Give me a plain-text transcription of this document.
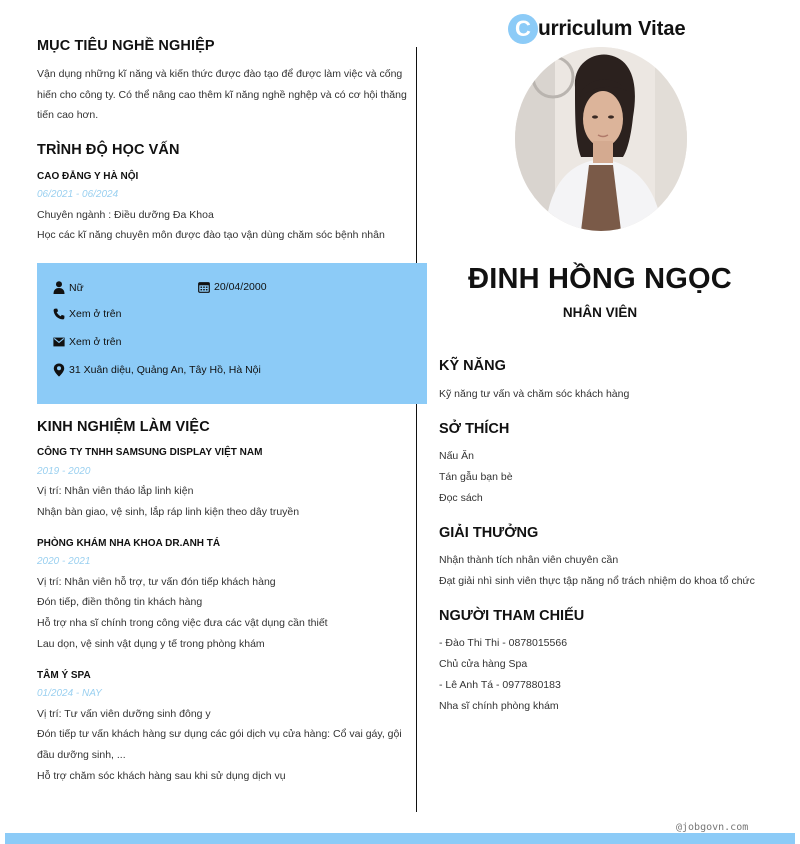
MỤC TIÊU NGHỀ NGHIỆP
Vận dụng những kĩ năng và kiến thức được đào tạo để được làm việc và cống
hiến cho công ty. Có thể nâng cao thêm kĩ năng nghề nghệp và có cơ hội thăng
tiến cao hơn.
TRÌNH ĐỘ HỌC VẤN
CAO ĐẲNG Y HÀ NỘI
06/2021 - 06/2024
Chuyên ngành : Điều dưỡng Đa Khoa
Học các kĩ năng chuyên môn được đào tạo vận dùng chăm sóc bệnh nhân
Nữ	20/04/2000
Xem ở trên
Xem ở trên
31 Xuân diệu, Quảng An, Tây Hồ, Hà Nội
KINH NGHIỆM LÀM VIỆC
CÔNG TY TNHH SAMSUNG DISPLAY VIỆT NAM
2019 - 2020
Vị trí: Nhân viên tháo lắp linh kiện
Nhận bàn giao, vệ sinh, lắp ráp linh kiện theo dây truyền
PHÒNG KHÁM NHA KHOA DR.ANH TÁ
2020 - 2021
Vị trí: Nhân viên hỗ trợ, tư vấn đón tiếp khách hàng
Đón tiếp, điền thông tin khách hàng
Hỗ trợ nha sĩ chính trong công việc đưa các vật dụng cần thiết
Lau dọn, vệ sinh vật dụng y tế trong phòng khám
TÂM Ý SPA
01/2024 - NAY
Vị trí: Tư vấn viên dưỡng sinh đông y
Đón tiếp tư vấn khách hàng sư dụng các gói dịch vụ cửa hàng: Cổ vai gáy, gội
đầu dưỡng sinh, ...
Hỗ trợ chăm sóc khách hàng sau khi sử dụng dịch vụ
C urriculum Vitae
ĐINH HỒNG NGỌC
NHÂN VIÊN
KỸ NĂNG
Kỹ năng tư vấn và chăm sóc khách hàng
SỞ THÍCH
Nấu Ăn
Tán gẫu bạn bè
Đọc sách
GIẢI THƯỞNG
Nhận thành tích nhân viên chuyên cần
Đạt giải nhì sinh viên thực tập năng nổ trách nhiệm do khoa tổ chức
NGƯỜI THAM CHIẾU
- Đào Thi Thi - 0878015566
Chủ cửa hàng Spa
- Lê Anh Tá - 0977880183
Nha sĩ chính phòng khám
@jobgovn.com
